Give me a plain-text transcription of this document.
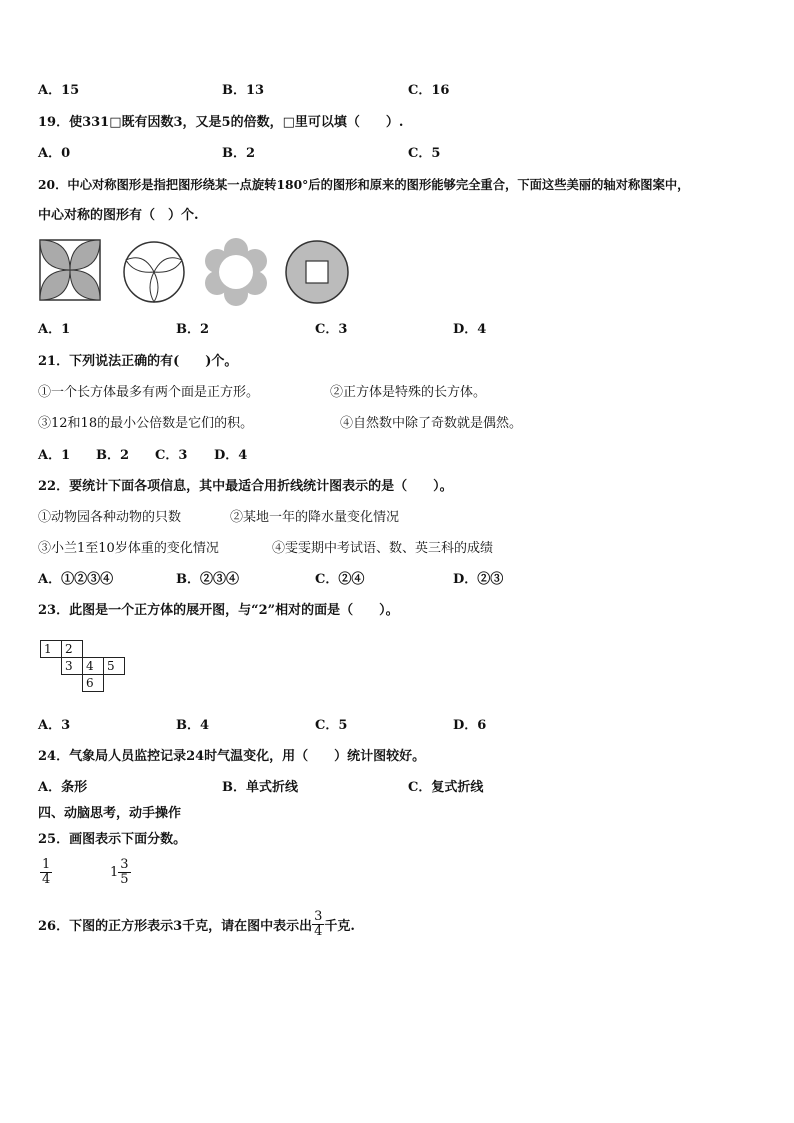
A．15	B．13	C．16
19．使331□既有因数3，又是5的倍数，□里可以填（　　）.
A．0	B．2	C．5
20．中心对称图形是指把图形绕某一点旋转180°后的图形和原来的图形能够完全重合，下面这些美丽的轴对称图案中，
中心对称的图形有（　）个.
A．1	B．2	C．3	D．4
21．下列说法正确的有(　　)个。
①一个长方体最多有两个面是正方形。	②正方体是特殊的长方体。
③12和18的最小公倍数是它们的积。	④自然数中除了奇数就是偶然。
A．1 B．2 C．3 D．4
22．要统计下面各项信息，其中最适合用折线统计图表示的是（　　）。
①动物园各种动物的只数	②某地一年的降水量变化情况
③小兰1至10岁体重的变化情况	④雯雯期中考试语、数、英三科的成绩
A．①②③④	B．②③④	C．②④	D．②③
23．此图是一个正方体的展开图，与“2”相对的面是（　　）。
1	2		
	3	4	5
		6	
A．3	B．4	C．5	D．6
24．气象局人员监控记录24时气温变化，用（　　）统计图较好。
A．条形	B．单式折线	C．复式折线
四、动脑思考，动手操作
25．画图表示下面分数。
$\frac{1}{4}$	$1 \frac{3}{5}$
26．下图的正方形表示3千克，请在图中表示出 $\frac{3}{4}$ 千克.
